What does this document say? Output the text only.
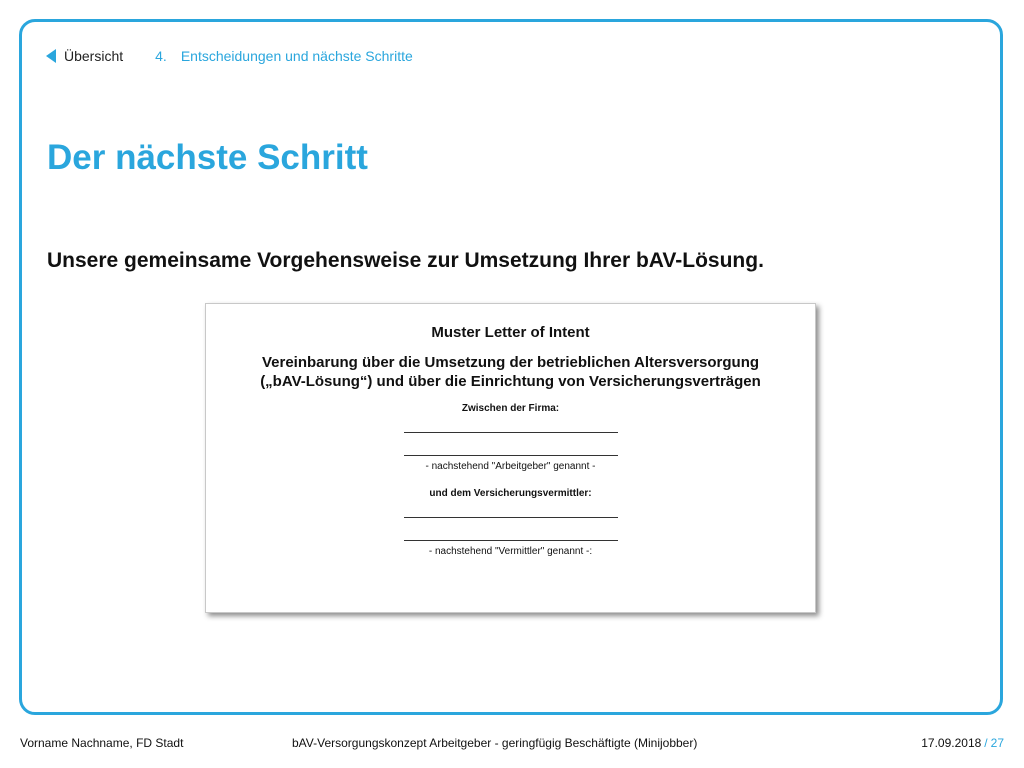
Übersicht 4. Entscheidungen und nächste Schritte
Der nächste Schritt
Unsere gemeinsame Vorgehensweise zur Umsetzung Ihrer bAV-Lösung.
Muster Letter of Intent
Vereinbarung über die Umsetzung der betrieblichen Altersversorgung
(„bAV-Lösung“) und über die Einrichtung von Versicherungsverträgen
Zwischen der Firma:
- nachstehend "Arbeitgeber" genannt -
und dem Versicherungsvermittler:
- nachstehend "Vermittler" genannt -:
Vorname Nachname, FD Stadt	bAV-Versorgungskonzept Arbeitgeber - geringfügig Beschäftigte (Minijobber)	17.09.2018 / 27
